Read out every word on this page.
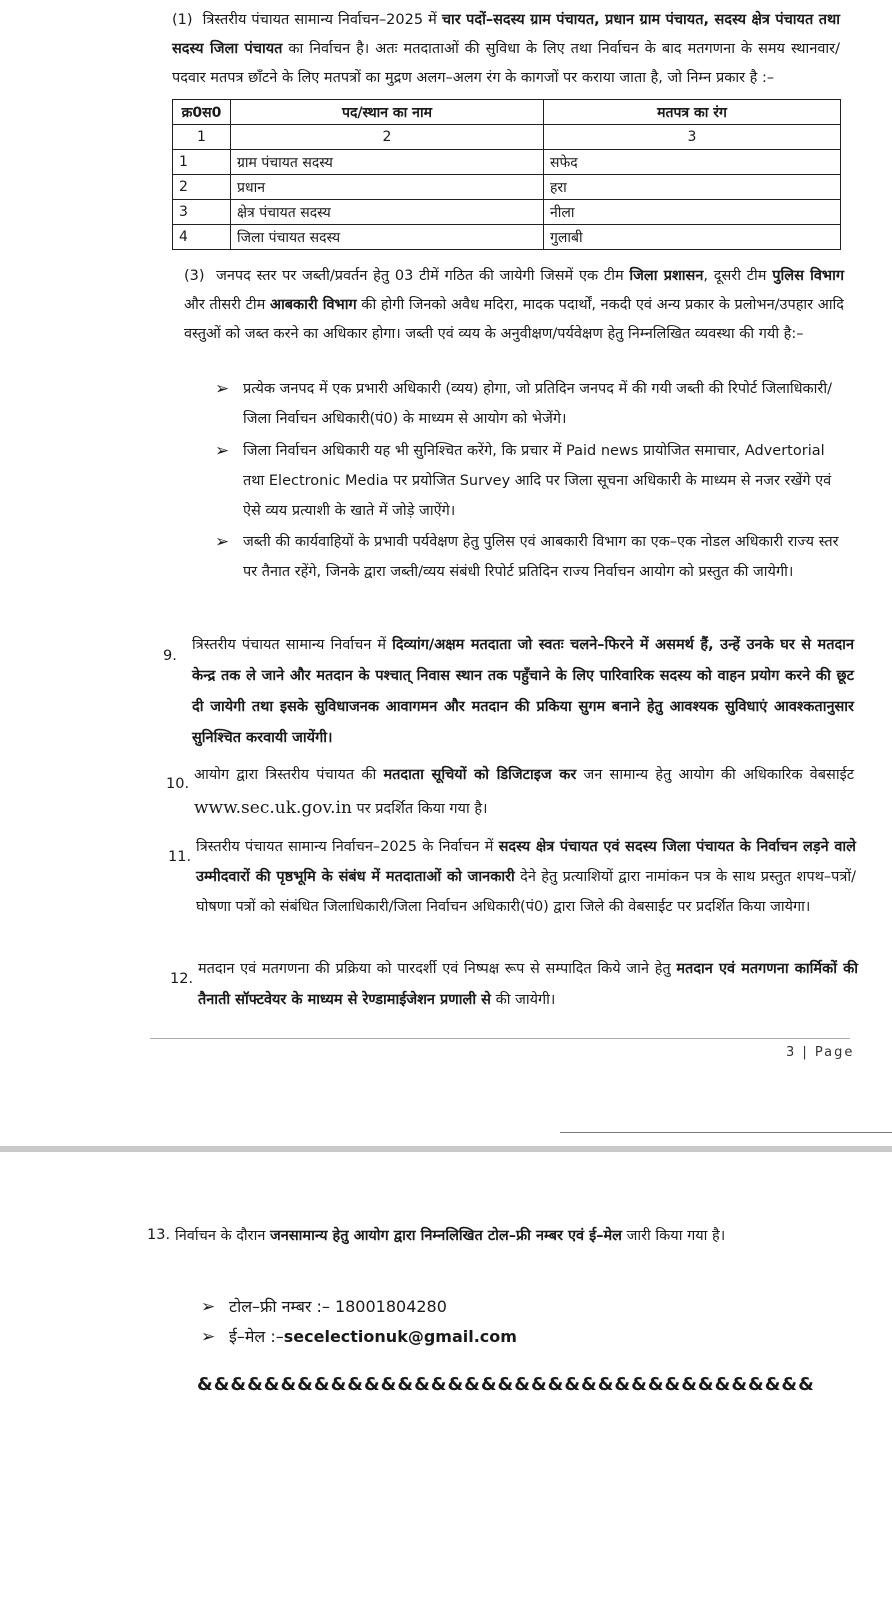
(1) त्रिस्तरीय पंचायत सामान्य निर्वाचन–2025 में चार पदों–सदस्य ग्राम पंचायत, प्रधान ग्राम पंचायत, सदस्य क्षेत्र पंचायत तथा सदस्य जिला पंचायत का निर्वाचन है। अतः मतदाताओं की सुविधा के लिए तथा निर्वाचन के बाद मतगणना के समय स्थानवार/पदवार मतपत्र छाँटने के लिए मतपत्रों का मुद्रण अलग–अलग रंग के कागजों पर कराया जाता है, जो निम्न प्रकार है :–

क्र0स0	पद/स्थान का नाम	मतपत्र का रंग
1	2	3
1	ग्राम पंचायत सदस्य	सफेद
2	प्रधान	हरा
3	क्षेत्र पंचायत सदस्य	नीला
4	जिला पंचायत सदस्य	गुलाबी

(3) जनपद स्तर पर जब्ती/प्रवर्तन हेतु 03 टीमें गठित की जायेगी जिसमें एक टीम जिला प्रशासन, दूसरी टीम पुलिस विभाग और तीसरी टीम आबकारी विभाग की होगी जिनको अवैध मदिरा, मादक पदार्थों, नकदी एवं अन्य प्रकार के प्रलोभन/उपहार आदि वस्तुओं को जब्त करने का अधिकार होगा। जब्ती एवं व्यय के अनुवीक्षण/पर्यवेक्षण हेतु निम्नलिखित व्यवस्था की गयी है:–

➢ प्रत्येक जनपद में एक प्रभारी अधिकारी (व्यय) होगा, जो प्रतिदिन जनपद में की गयी जब्ती की रिपोर्ट जिलाधिकारी/जिला निर्वाचन अधिकारी(पं0) के माध्यम से आयोग को भेजेंगे।
➢ जिला निर्वाचन अधिकारी यह भी सुनिश्चित करेंगे, कि प्रचार में Paid news प्रायोजित समाचार, Advertorial तथा Electronic Media पर प्रयोजित Survey आदि पर जिला सूचना अधिकारी के माध्यम से नजर रखेंगे एवं ऐसे व्यय प्रत्याशी के खाते में जोड़े जाऐंगे।
➢ जब्ती की कार्यवाहियों के प्रभावी पर्यवेक्षण हेतु पुलिस एवं आबकारी विभाग का एक–एक नोडल अधिकारी राज्य स्तर पर तैनात रहेंगे, जिनके द्वारा जब्ती/व्यय संबंधी रिपोर्ट प्रतिदिन राज्य निर्वाचन आयोग को प्रस्तुत की जायेगी।
9.

त्रिस्तरीय पंचायत सामान्य निर्वाचन में दिव्यांग/अक्षम मतदाता जो स्वतः चलने–फिरने में असमर्थ हैं, उन्हें उनके घर से मतदान केन्द्र तक ले जाने और मतदान के पश्चात् निवास स्थान तक पहुँचाने के लिए पारिवारिक सदस्य को वाहन प्रयोग करने की छूट दी जायेगी तथा इसके सुविधाजनक आवागमन और मतदान की प्रकिया सुगम बनाने हेतु आवश्यक सुविधाएं आवश्कतानुसार सुनिश्चित करवायी जायेंगी।

10.

आयोग द्वारा त्रिस्तरीय पंचायत की मतदाता सूचियों को डिजिटाइज कर जन सामान्य हेतु आयोग की अधिकारिक वेबसाईट www.sec.uk.gov.in पर प्रदर्शित किया गया है।

11.

त्रिस्तरीय पंचायत सामान्य निर्वाचन–2025 के निर्वाचन में सदस्य क्षेत्र पंचायत एवं सदस्य जिला पंचायत के निर्वाचन लड़ने वाले उम्मीदवारों की पृष्ठभूमि के संबंध में मतदाताओं को जानकारी देने हेतु प्रत्याशियों द्वारा नामांकन पत्र के साथ प्रस्तुत शपथ–पत्रों/घोषणा पत्रों को संबंधित जिलाधिकारी/जिला निर्वाचन अधिकारी(पं0) द्वारा जिले की वेबसाईट पर प्रदर्शित किया जायेगा।

12.

मतदान एवं मतगणना की प्रक्रिया को पारदर्शी एवं निष्पक्ष रूप से सम्पादित किये जाने हेतु मतदान एवं मतगणना कार्मिकों की तैनाती सॉफ्टवेयर के माध्यम से रेण्डामाईजेशन प्रणाली से की जायेगी।

3 | Page
13. निर्वाचन के दौरान जनसामान्य हेतु आयोग द्वारा निम्नलिखित टोल–फ्री नम्बर एवं ई–मेल जारी किया गया है।

➢ टोल–फ्री नम्बर :– 18001804280
➢ ई–मेल :–secelectionuk@gmail.com
&&&&&&&&&&&&&&&&&&&&&&&&&&&&&&&&&&&&&
